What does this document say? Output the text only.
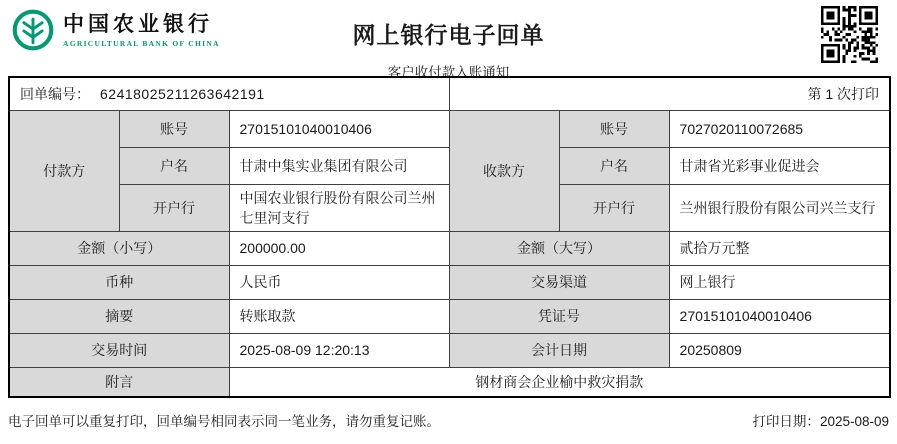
中国农业银行
AGRICULTURAL BANK OF CHINA	网上银行电子回单
客户收付款入账通知
回单编号： 62418025211263642191			第 1 次打印		
付款方	账号	27015101040010406	收款方	账号	7027020110072685
	户名	甘肃中集实业集团有限公司		户名	甘肃省光彩事业促进会
	开户行	中国农业银行股份有限公司兰州七里河支行		开户行	兰州银行股份有限公司兴兰支行
金额（小写）		200000.00	金额（大写）		贰拾万元整
币种		人民币	交易渠道		网上银行
摘要		转账取款	凭证号		27015101040010406
交易时间		2025-08-09 12:20:13	会计日期		20250809
附言		钢材商会企业榆中救灾捐款			
电子回单可以重复打印，回单编号相同表示同一笔业务，请勿重复记账。	打印日期：2025-08-09
